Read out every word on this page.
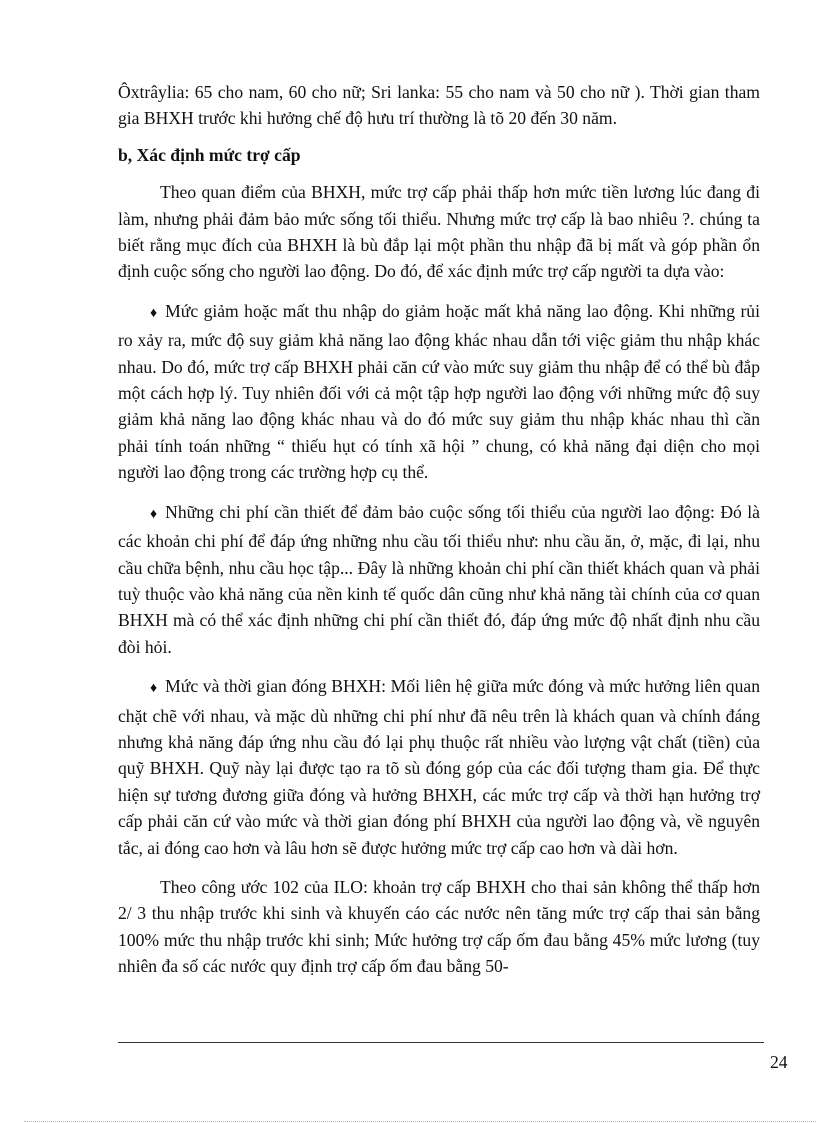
Ôxtrâylia: 65 cho nam, 60 cho nữ; Sri lanka: 55 cho nam và 50 cho nữ ). Thời gian tham gia BHXH trước khi hưởng chế độ hưu trí thường là tõ 20 đến 30 năm.

b, Xác định mức trợ cấp

Theo quan điểm của BHXH, mức trợ cấp phải thấp hơn mức tiền lương lúc đang đi làm, nhưng phải đảm bảo mức sống tối thiểu. Nhưng mức trợ cấp là bao nhiêu ?. chúng ta biết rằng mục đích của BHXH là bù đắp lại một phần thu nhập đã bị mất và góp phần ổn định cuộc sống cho người lao động. Do đó, để xác định mức trợ cấp người ta dựa vào:

♦ Mức giảm hoặc mất thu nhập do giảm hoặc mất khả năng lao động. Khi những rủi ro xảy ra, mức độ suy giảm khả năng lao động khác nhau dẫn tới việc giảm thu nhập khác nhau. Do đó, mức trợ cấp BHXH phải căn cứ vào mức suy giảm thu nhập để có thể bù đắp một cách hợp lý. Tuy nhiên đối với cả một tập hợp người lao động với những mức độ suy giảm khả năng lao động khác nhau và do đó mức suy giảm thu nhập khác nhau thì cần phải tính toán những “ thiếu hụt có tính xã hội ” chung, có khả năng đại diện cho mọi người lao động trong các trường hợp cụ thể.

♦ Những chi phí cần thiết để đảm bảo cuộc sống tối thiểu của người lao động: Đó là các khoản chi phí để đáp ứng những nhu cầu tối thiểu như: nhu cầu ăn, ở, mặc, đi lại, nhu cầu chữa bệnh, nhu cầu học tập... Đây là những khoản chi phí cần thiết khách quan và phải tuỳ thuộc vào khả năng của nền kinh tế quốc dân cũng như khả năng tài chính của cơ quan BHXH mà có thể xác định những chi phí cần thiết đó, đáp ứng mức độ nhất định nhu cầu đòi hỏi.

♦ Mức và thời gian đóng BHXH: Mối liên hệ giữa mức đóng và mức hưởng liên quan chặt chẽ với nhau, và mặc dù những chi phí như đã nêu trên là khách quan và chính đáng nhưng khả năng đáp ứng nhu cầu đó lại phụ thuộc rất nhiều vào lượng vật chất (tiền) của quỹ BHXH. Quỹ này lại được tạo ra tõ sù đóng góp của các đối tượng tham gia. Để thực hiện sự tương đương giữa đóng và hưởng BHXH, các mức trợ cấp và thời hạn hưởng trợ cấp phải căn cứ vào mức và thời gian đóng phí BHXH của người lao động và, về nguyên tắc, ai đóng cao hơn và lâu hơn sẽ được hưởng mức trợ cấp cao hơn và dài hơn.

Theo công ước 102 của ILO: khoản trợ cấp BHXH cho thai sản không thể thấp hơn 2/ 3 thu nhập trước khi sinh và khuyến cáo các nước nên tăng mức trợ cấp thai sản bằng 100% mức thu nhập trước khi sinh; Mức hưởng trợ cấp ốm đau bằng 45% mức lương (tuy nhiên đa số các nước quy định trợ cấp ốm đau bằng 50-

24
